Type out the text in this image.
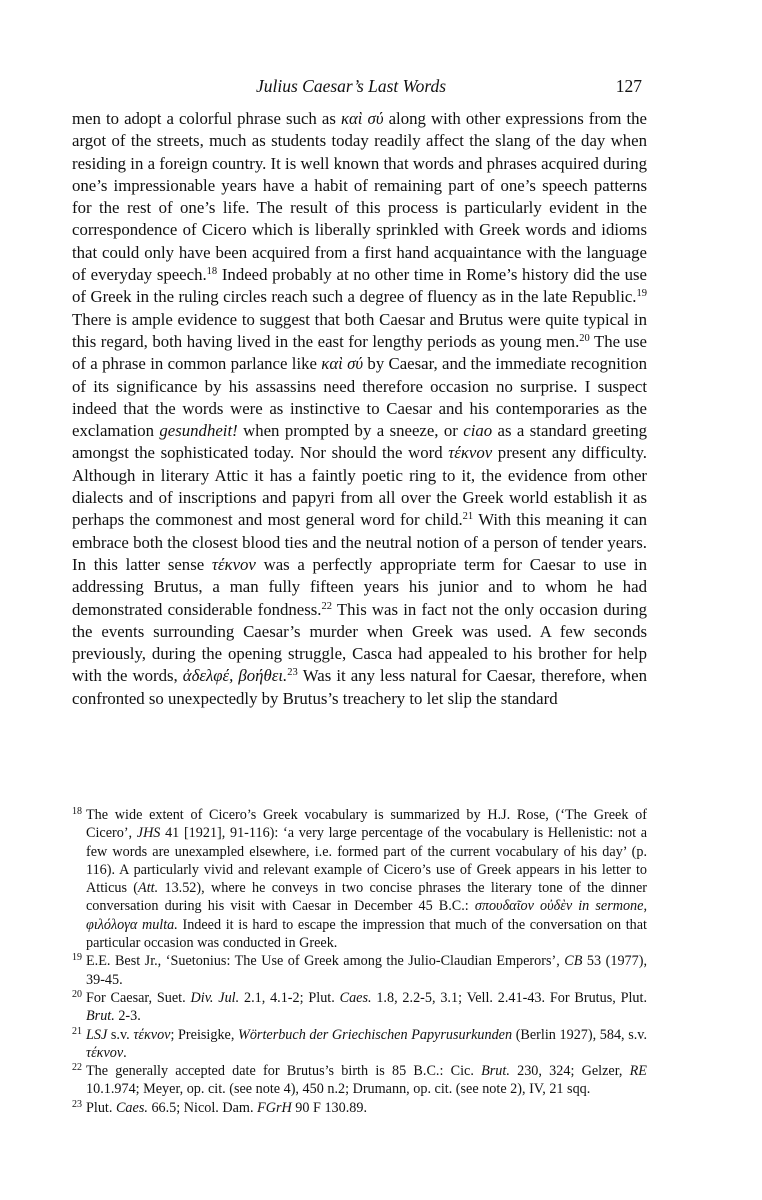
Julius Caesar’s Last Words	127

men to adopt a colorful phrase such as καὶ σύ along with other expressions from the argot of the streets, much as students today readily affect the slang of the day when residing in a foreign country. It is well known that words and phrases acquired during one’s impressionable years have a habit of remaining part of one’s speech patterns for the rest of one’s life. The result of this process is particularly evident in the correspondence of Cicero which is liberally sprinkled with Greek words and idioms that could only have been acquired from a first hand acquaintance with the language of everyday speech.$^{18}$ Indeed probably at no other time in Rome’s history did the use of Greek in the ruling circles reach such a degree of fluency as in the late Republic.$^{19}$ There is ample evidence to suggest that both Caesar and Brutus were quite typical in this regard, both having lived in the east for lengthy periods as young men.$^{20}$ The use of a phrase in common parlance like καὶ σύ by Caesar, and the immediate recognition of its significance by his assassins need therefore occasion no surprise. I suspect indeed that the words were as instinctive to Caesar and his contemporaries as the exclamation gesundheit! when prompted by a sneeze, or ciao as a standard greeting amongst the sophisticated today. Nor should the word τέκνον present any difficulty. Although in literary Attic it has a faintly poetic ring to it, the evidence from other dialects and of inscriptions and papyri from all over the Greek world establish it as perhaps the commonest and most general word for child.$^{21}$ With this meaning it can embrace both the closest blood ties and the neutral notion of a person of tender years. In this latter sense τέκνον was a perfectly appropriate term for Caesar to use in addressing Brutus, a man fully fifteen years his junior and to whom he had demonstrated considerable fondness.$^{22}$ This was in fact not the only occasion during the events surrounding Caesar’s murder when Greek was used. A few seconds previously, during the opening struggle, Casca had appealed to his brother for help with the words, ἀδελφέ, βοήθει.$^{23}$ Was it any less natural for Caesar, therefore, when confronted so unexpectedly by Brutus’s treachery to let slip the standard

18 The wide extent of Cicero’s Greek vocabulary is summarized by H.J. Rose, (‘The Greek of Cicero’, JHS 41 [1921], 91-116): ‘a very large percentage of the vocabulary is Hellenistic: not a few words are unexampled elsewhere, i.e. formed part of the current vocabulary of his day’ (p. 116). A particularly vivid and relevant example of Cicero’s use of Greek appears in his letter to Atticus (Att. 13.52), where he conveys in two concise phrases the literary tone of the dinner conversation during his visit with Caesar in December 45 B.C.: σπουδαῖον οὐδὲν in sermone, φιλόλογα multa. Indeed it is hard to escape the impression that much of the conversation on that particular occasion was conducted in Greek.

19 E.E. Best Jr., ‘Suetonius: The Use of Greek among the Julio-Claudian Emperors’, CB 53 (1977), 39-45.

20 For Caesar, Suet. Div. Jul. 2.1, 4.1-2; Plut. Caes. 1.8, 2.2-5, 3.1; Vell. 2.41-43. For Brutus, Plut. Brut. 2-3.

21 LSJ s.v. τέκνον; Preisigke, Wörterbuch der Griechischen Papyrusurkunden (Berlin 1927), 584, s.v. τέκνον.

22 The generally accepted date for Brutus’s birth is 85 B.C.: Cic. Brut. 230, 324; Gelzer, RE 10.1.974; Meyer, op. cit. (see note 4), 450 n.2; Drumann, op. cit. (see note 2), IV, 21 sqq.

23 Plut. Caes. 66.5; Nicol. Dam. FGrH 90 F 130.89.
